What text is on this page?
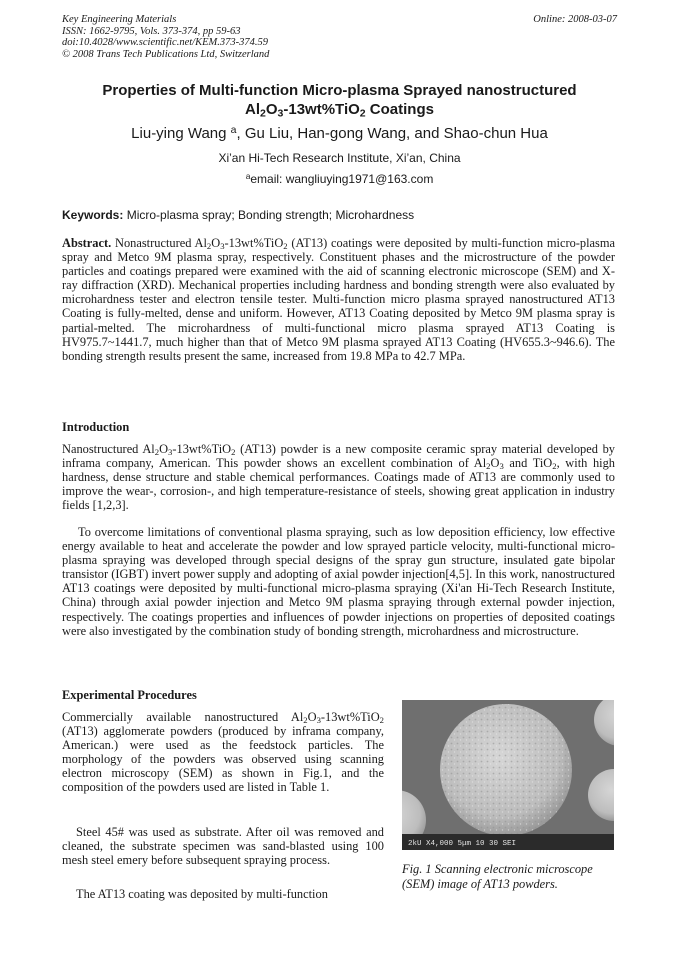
Key Engineering Materials
ISSN: 1662-9795, Vols. 373-374, pp 59-63
doi:10.4028/www.scientific.net/KEM.373-374.59
© 2008 Trans Tech Publications Ltd, Switzerland
Online: 2008-03-07
Properties of Multi-function Micro-plasma Sprayed nanostructured
$Al_2O_3-13wt\%TiO_2$ Coatings
Liu-ying Wang $^a$, Gu Liu, Han-gong Wang, and Shao-chun Hua
Xi’an Hi-Tech Research Institute, Xi’an, China
$^a$email: wangliuying1971@163.com
Keywords: Micro-plasma spray; Bonding strength; Microhardness

Abstract. Nonastructured $Al_2O_3-13wt\%TiO_2$ (AT13) coatings were deposited by multi-function micro-plasma spray and Metco 9M plasma spray, respectively. Constituent phases and the microstructure of the powder particles and coatings prepared were examined with the aid of scanning electronic microscope (SEM) and X-ray diffraction (XRD). Mechanical properties including hardness and bonding strength were also evaluated by microhardness tester and electron tensile tester. Multi-function micro plasma sprayed nanostructured AT13 Coating is fully-melted, dense and uniform. However, AT13 Coating deposited by Metco 9M plasma spray is partial-melted. The microhardness of multi-functional micro plasma sprayed AT13 Coating is HV975.7~1441.7, much higher than that of Metco 9M plasma sprayed AT13 Coating (HV655.3~946.6). The bonding strength results present the same, increased from 19.8 MPa to 42.7 MPa.

Introduction

Nanostructured $Al_2O_3-13wt\%TiO_2$ (AT13) powder is a new composite ceramic spray material developed by inframa company, American. This powder shows an excellent combination of $Al_2O_3$ and TiO$_2$, with high hardness, dense structure and stable chemical performances. Coatings made of AT13 are commonly used to improve the wear-, corrosion-, and high temperature-resistance of steels, showing great application in industry fields [1,2,3].

To overcome limitations of conventional plasma spraying, such as low deposition efficiency, low effective energy available to heat and accelerate the powder and low sprayed particle velocity, multi-functional micro-plasma spraying was developed through special designs of the spray gun structure, insulated gate bipolar transistor (IGBT) invert power supply and adopting of axial powder injection[4,5]. In this work, nanostructured AT13 coatings were deposited by multi-functional micro-plasma spraying (Xi'an Hi-Tech Research Institute, China) through axial powder injection and Metco 9M plasma spraying through external powder injection, respectively. The coatings properties and influences of powder injections on properties of deposited coatings were also investigated by the combination study of bonding strength, microhardness and microstructure.

Experimental Procedures

Commercially available nanostructured $Al_2O_3-13wt\%TiO_2$ (AT13) agglomerate powders (produced by inframa company, American.) were used as the feedstock particles. The morphology of the powders was observed using scanning electron microscopy (SEM) as shown in Fig.1, and the composition of the powders used are listed in Table 1.

Steel 45# was used as substrate. After oil was removed and cleaned, the substrate specimen was sand-blasted using 100 mesh steel emery before subsequent spraying process.

The AT13 coating was deposited by multi-function

2kU X4,000 5μm 10 30 SEI
Fig. 1 Scanning electronic microscope (SEM) image of AT13 powders.
